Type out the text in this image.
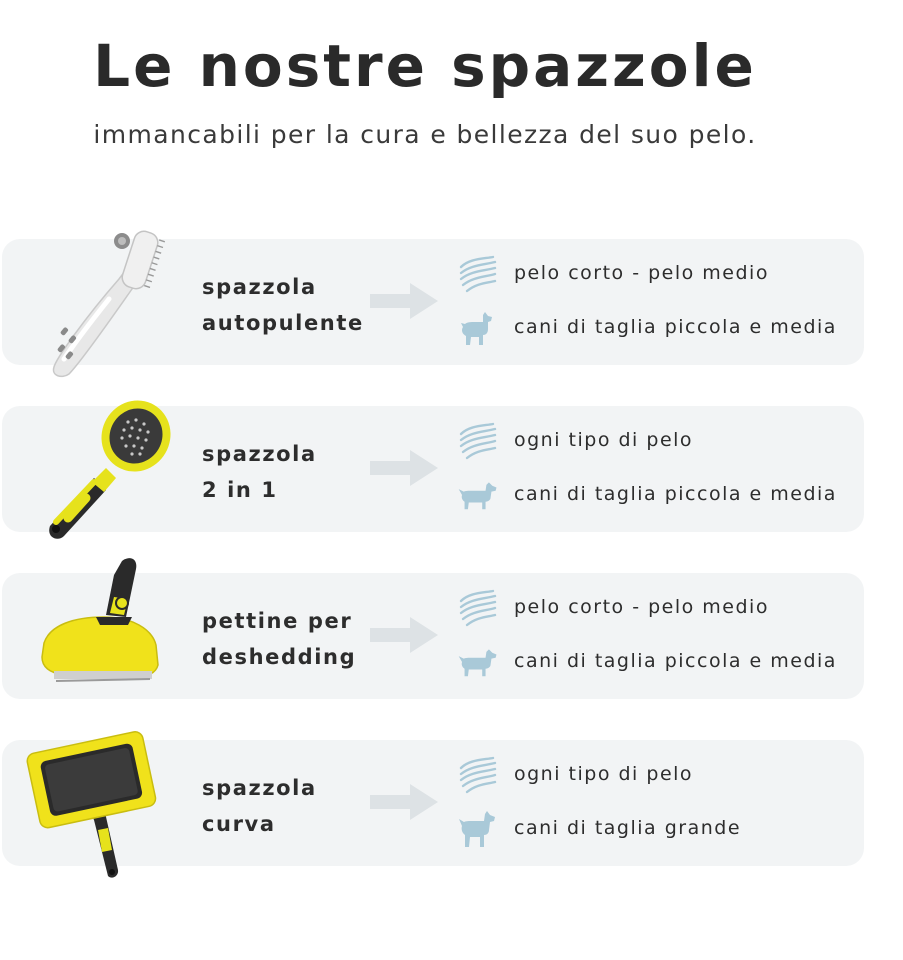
Le nostre spazzole

immancabili per la cura e bellezza del suo pelo.

spazzola
autopulente
pelo corto - pelo medio
cani di taglia piccola e media
spazzola
2 in 1
ogni tipo di pelo
cani di taglia piccola e media
pettine per
deshedding
pelo corto - pelo medio
cani di taglia piccola e media
spazzola
curva
ogni tipo di pelo
cani di taglia grande
